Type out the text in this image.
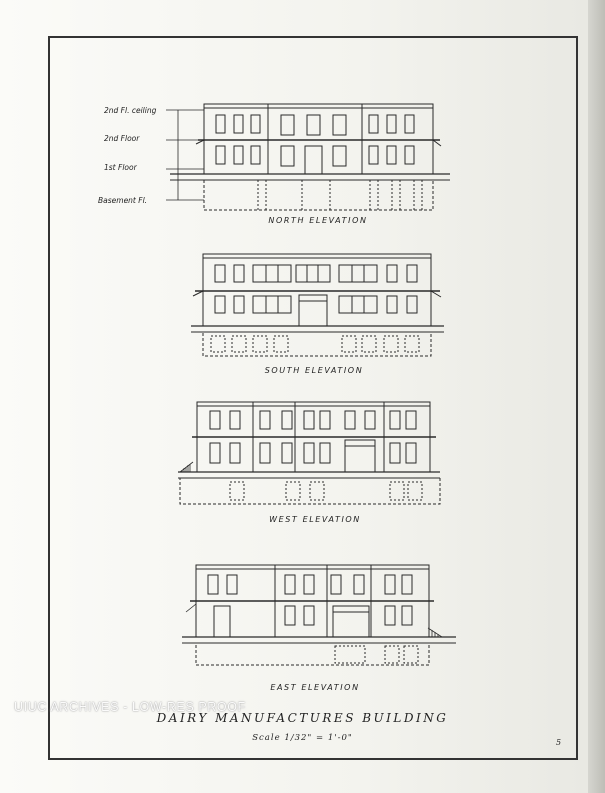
2nd Fl. ceiling
2nd Floor
1st Floor
Basement Fl.
NORTH ELEVATION
SOUTH ELEVATION
WEST ELEVATION
EAST ELEVATION
DAIRY MANUFACTURES BUILDING
Scale 1/32" = 1'-0"	5
UIUC ARCHIVES - LOW-RES PROOF
